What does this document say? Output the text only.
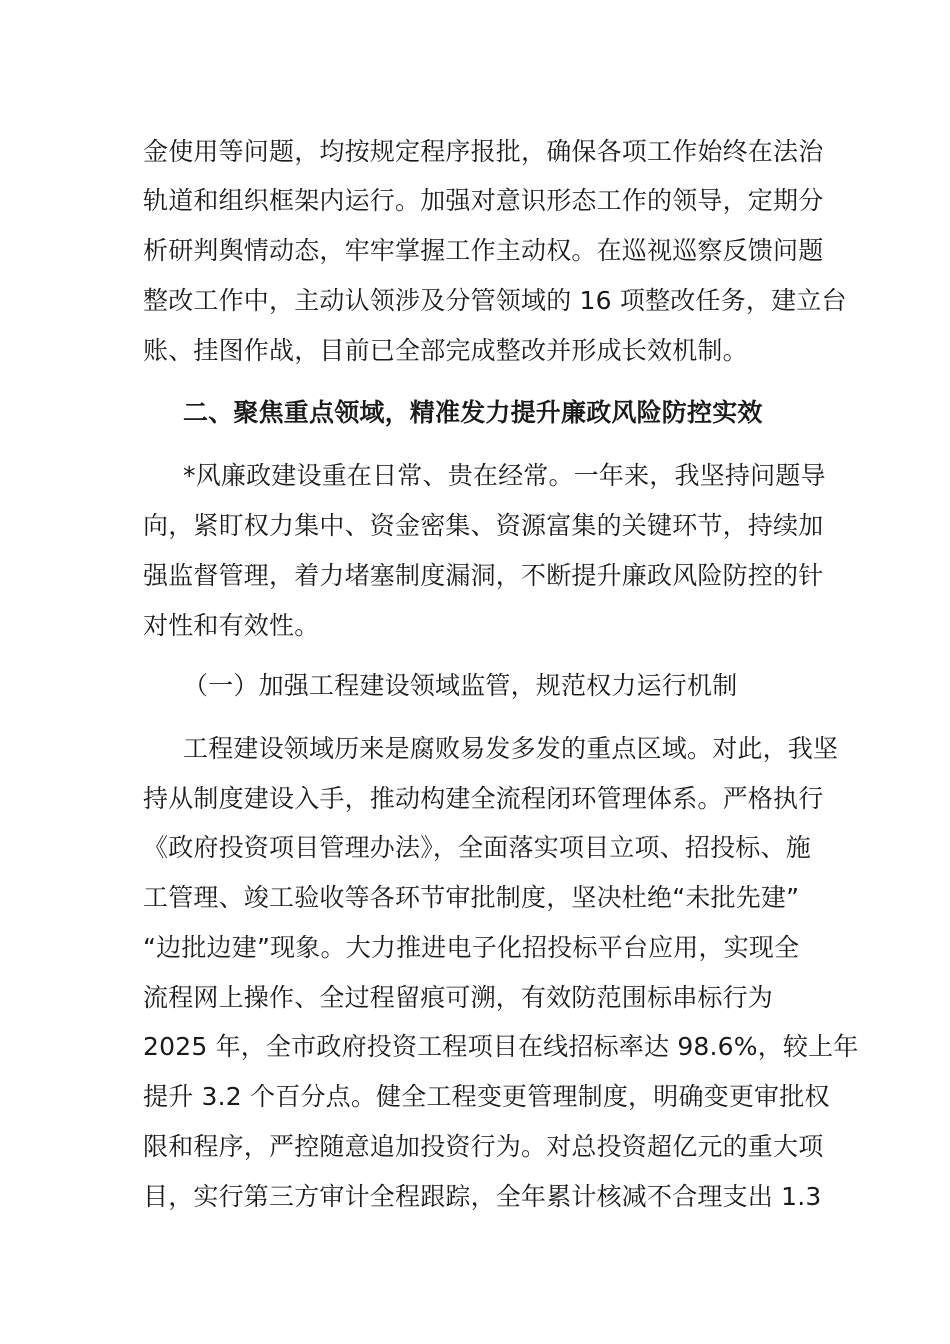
金使用等问题，均按规定程序报批，确保各项工作始终在法治
轨道和组织框架内运行。加强对意识形态工作的领导，定期分
析研判舆情动态，牢牢掌握工作主动权。在巡视巡察反馈问题
整改工作中，主动认领涉及分管领域的 16 项整改任务，建立台
账、挂图作战，目前已全部完成整改并形成长效机制。
二、聚焦重点领域，精准发力提升廉政风险防控实效
*风廉政建设重在日常、贵在经常。一年来，我坚持问题导
向，紧盯权力集中、资金密集、资源富集的关键环节，持续加
强监督管理，着力堵塞制度漏洞，不断提升廉政风险防控的针
对性和有效性。
（一）加强工程建设领域监管，规范权力运行机制
工程建设领域历来是腐败易发多发的重点区域。对此，我坚
持从制度建设入手，推动构建全流程闭环管理体系。严格执行
《政府投资项目管理办法》，全面落实项目立项、招投标、施
工管理、竣工验收等各环节审批制度，坚决杜绝“未批先建”
“边批边建”现象。大力推进电子化招投标平台应用，实现全
流程网上操作、全过程留痕可溯，有效防范围标串标行为
2025 年，全市政府投资工程项目在线招标率达 98.6%，较上年
提升 3.2 个百分点。健全工程变更管理制度，明确变更审批权
限和程序，严控随意追加投资行为。对总投资超亿元的重大项
目，实行第三方审计全程跟踪，全年累计核减不合理支出 1.3
